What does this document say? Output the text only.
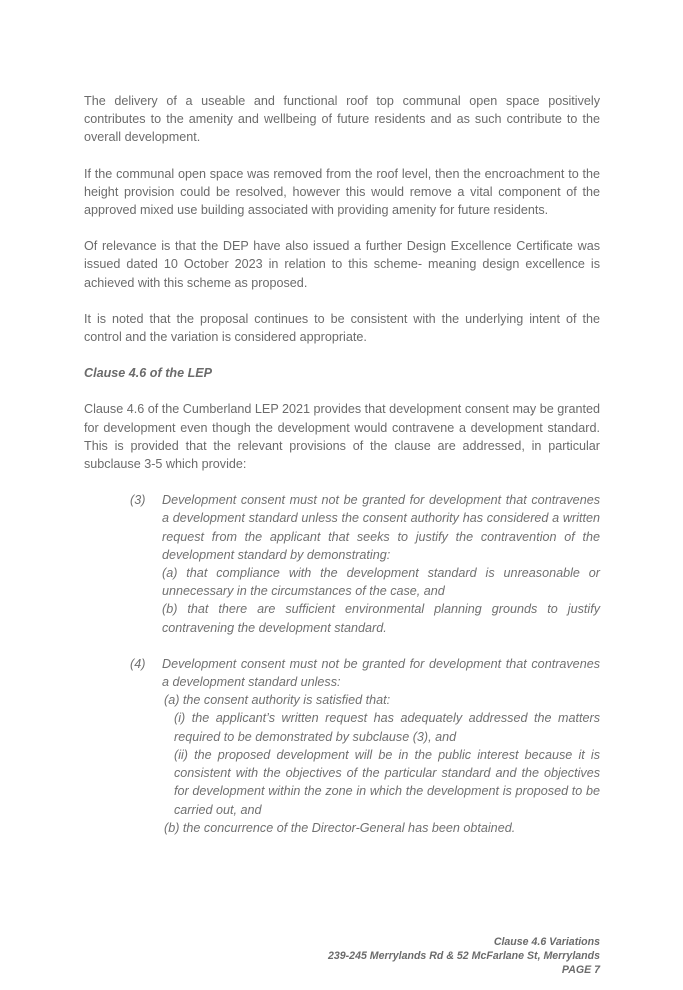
The delivery of a useable and functional roof top communal open space positively contributes to the amenity and wellbeing of future residents and as such contribute to the overall development.

If the communal open space was removed from the roof level, then the encroachment to the height provision could be resolved, however this would remove a vital component of the approved mixed use building associated with providing amenity for future residents.

Of relevance is that the DEP have also issued a further Design Excellence Certificate was issued dated 10 October 2023 in relation to this scheme- meaning design excellence is achieved with this scheme as proposed.

It is noted that the proposal continues to be consistent with the underlying intent of the control and the variation is considered appropriate.

Clause 4.6 of the LEP

Clause 4.6 of the Cumberland LEP 2021 provides that development consent may be granted for development even though the development would contravene a development standard. This is provided that the relevant provisions of the clause are addressed, in particular subclause 3-5 which provide:

(3)	Development consent must not be granted for development that contravenes a development standard unless the consent authority has considered a written request from the applicant that seeks to justify the contravention of the development standard by demonstrating:
(a) that compliance with the development standard is unreasonable or unnecessary in the circumstances of the case, and
(b) that there are sufficient environmental planning grounds to justify contravening the development standard.
(4)	Development consent must not be granted for development that contravenes a development standard unless:
(a) the consent authority is satisfied that:
(i) the applicant’s written request has adequately addressed the matters required to be demonstrated by subclause (3), and
(ii) the proposed development will be in the public interest because it is consistent with the objectives of the particular standard and the objectives for development within the zone in which the development is proposed to be carried out, and
(b) the concurrence of the Director-General has been obtained.
Clause 4.6 Variations
239-245 Merrylands Rd & 52 McFarlane St, Merrylands
PAGE 7
